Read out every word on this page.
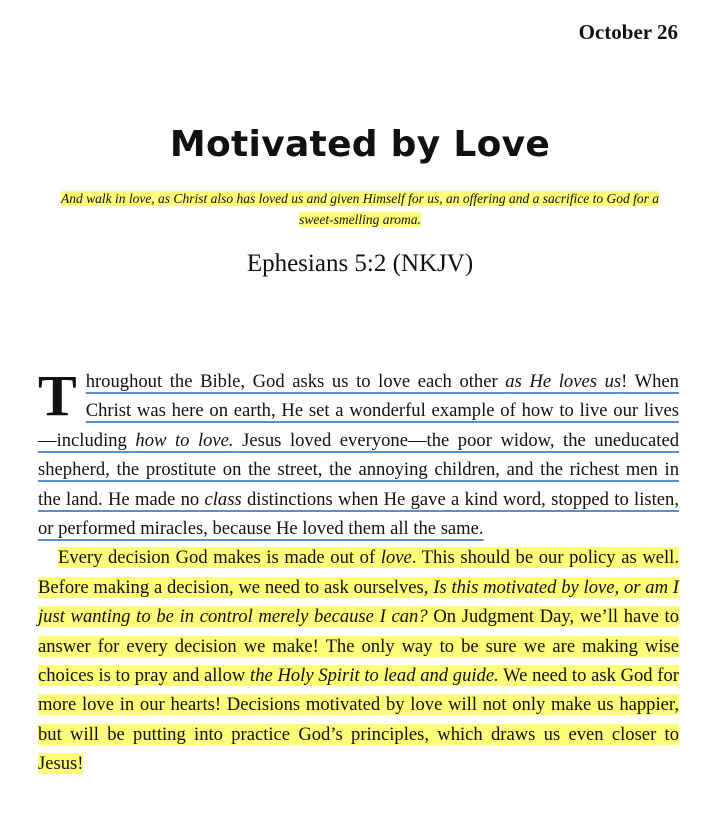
October 26
Motivated by Love
And walk in love, as Christ also has loved us and given Himself for us, an offering and a sacrifice to God for a sweet-smelling aroma.
Ephesians 5:2 (NKJV)

Throughout the Bible, God asks us to love each other as He loves us! When Christ was here on earth, He set a wonderful example of how to live our lives—including how to love. Jesus loved everyone—the poor widow, the uneducated shepherd, the prostitute on the street, the annoying children, and the richest men in the land. He made no class distinctions when He gave a kind word, stopped to listen, or performed miracles, because He loved them all the same.

Every decision God makes is made out of love. This should be our policy as well. Before making a decision, we need to ask ourselves, Is this motivated by love, or am I just wanting to be in control merely because I can? On Judgment Day, we’ll have to answer for every decision we make! The only way to be sure we are making wise choices is to pray and allow the Holy Spirit to lead and guide. We need to ask God for more love in our hearts! Decisions motivated by love will not only make us happier, but will be putting into practice God’s principles, which draws us even closer to Jesus!
